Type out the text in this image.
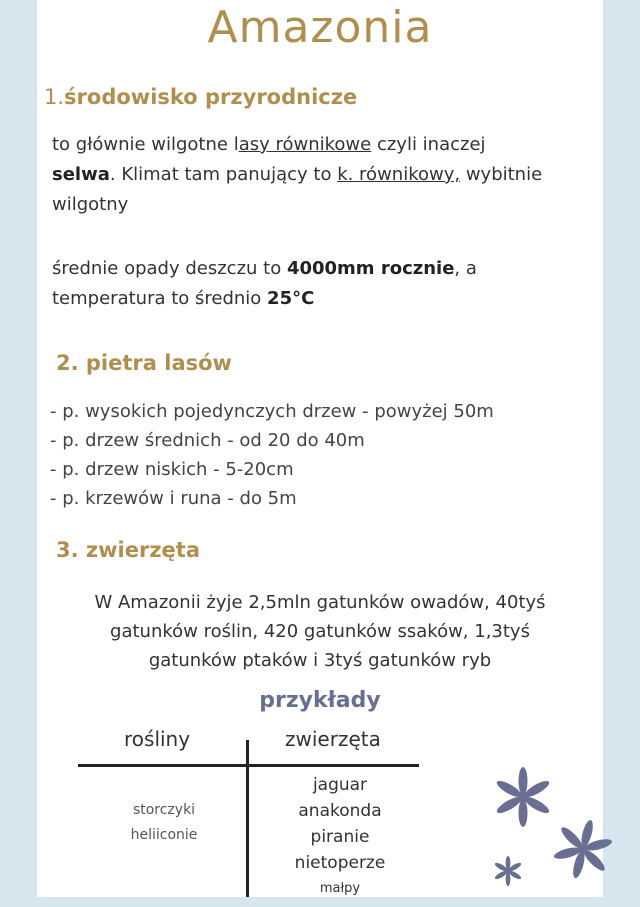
Amazonia
1.środowisko przyrodnicze
to głównie wilgotne lasy równikowe czyli inaczej
selwa. Klimat tam panujący to k. równikowy, wybitnie wilgotny
średnie opady deszczu to 4000mm rocznie, a temperatura to średnio 25°C
2. pietra lasów
- p. wysokich pojedynczych drzew - powyżej 50m
- p. drzew średnich - od 20 do 40m
- p. drzew niskich - 5-20cm
- p. krzewów i runa - do 5m
3. zwierzęta
W Amazonii żyje 2,5mln gatunków owadów, 40tyś
gatunków roślin, 420 gatunków ssaków, 1,3tyś
gatunków ptaków i 3tyś gatunków ryb
przykłady
rośliny	zwierzęta
storczyki
heliiconie
jaguar
anakonda
piranie
nietoperze
małpy
